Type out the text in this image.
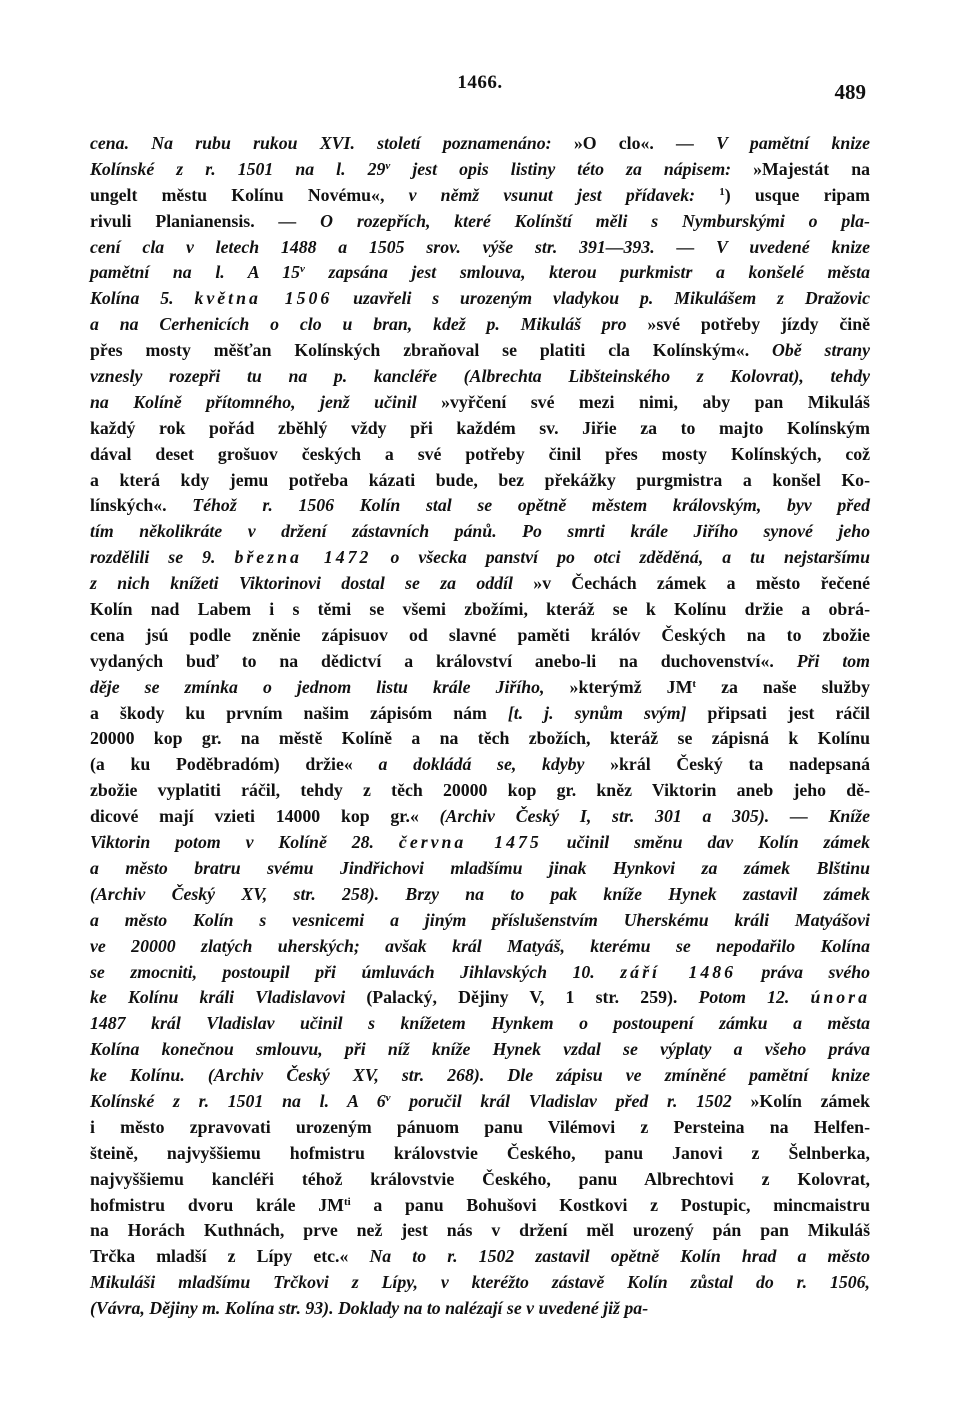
1466.	489
cena. Na rubu rukou XVI. století poznamenáno: »O clo«. — V pamětní knize
Kolínské z r. 1501 na l. 29$^v$ jest opis listiny této za nápisem: »Majestát na
ungelt městu Kolínu Novému«, v němž vsunut jest přídavek: $^1$) usque ripam
rivuli Planianensis. — O rozepřích, které Kolínští měli s Nymburskými o pla-
cení cla v letech 1488 a 1505 srov. výše str. 391—393. — V uvedené knize
pamětní na l. A 15$^v$ zapsána jest smlouva, kterou purkmistr a konšelé města
Kolína 5. května 1506 uzavřeli s urozeným vladykou p. Mikulášem z Dražovic
a na Cerhenicích o clo u bran, kdež p. Mikuláš pro »své potřeby jízdy čině
přes mosty měšťan Kolínských zbraňoval se platiti cla Kolínským«. Obě strany
vznesly rozepři tu na p. kancléře (Albrechta Libšteinského z Kolovrat), tehdy
na Kolíně přítomného, jenž učinil »vyřčení své mezi nimi, aby pan Mikuláš
každý rok pořád zběhlý vždy při každém sv. Jiřie za to majto Kolínským
dával deset grošuov českých a své potřeby činil přes mosty Kolínských, což
a která kdy jemu potřeba kázati bude, bez překážky purgmistra a konšel Ko-
línských«. Téhož r. 1506 Kolín stal se opětně městem královským, byv před
tím několikráte v držení zástavních pánů. Po smrti krále Jiřího synové jeho
rozdělili se 9. března 1472 o všecka panství po otci zděděná, a tu nejstaršímu
z nich knížeti Viktorinovi dostal se za oddíl »v Čechách zámek a město řečené
Kolín nad Labem i s těmi se všemi zbožími, kteráž se k Kolínu držie a obrá-
cena jsú podle zněnie zápisuov od slavné paměti králóv Českých na to zbožie
vydaných buď to na dědictví a království anebo-li na duchovenství«. Při tom
děje se zmínka o jednom listu krále Jiřího, »kterýmž $JM^t$ za naše služby
a škody ku prvním našim zápisóm nám [t. j. synům svým] připsati jest ráčil
20000 kop gr. na městě Kolíně a na těch zbožích, kteráž se zápisná k Kolínu
(a ku Poděbradóm) držie« a dokládá se, kdyby »král Český ta nadepsaná
zbožie vyplatiti ráčil, tehdy z těch 20000 kop gr. kněz Viktorin aneb jeho dě-
dicové mají vzieti 14000 kop gr.« (Archiv Český I, str. 301 a 305). — Kníže
Viktorin potom v Kolíně 28. června 1475 učinil směnu dav Kolín zámek
a město bratru svému Jindřichovi mladšímu jinak Hynkovi za zámek Blštinu
(Archiv Český XV, str. 258). Brzy na to pak kníže Hynek zastavil zámek
a město Kolín s vesnicemi a jiným příslušenstvím Uherskému králi Matyášovi
ve 20000 zlatých uherských; avšak král Matyáš, kterému se nepodařilo Kolína
se zmocniti, postoupil při úmluvách Jihlavských 10. září 1486 práva svého
ke Kolínu králi Vladislavovi (Palacký, Dějiny V, 1 str. 259). Potom 12. února
1487 král Vladislav učinil s knížetem Hynkem o postoupení zámku a města
Kolína konečnou smlouvu, při níž kníže Hynek vzdal se výplaty a všeho práva
ke Kolínu. (Archiv Český XV, str. 268). Dle zápisu ve zmíněné pamětní knize
Kolínské z r. 1501 na l. A 6$^v$ poručil král Vladislav před r. 1502 »Kolín zámek
i město zpravovati urozeným pánuom panu Vilémovi z Persteina na Helfen-
šteině, najvyššiemu hofmistru královstvie Českého, panu Janovi z Šelnberka,
najvyššiemu kancléři téhož královstvie Českého, panu Albrechtovi z Kolovrat,
hofmistru dvoru krále $JM^{ti}$ a panu Bohušovi Kostkovi z Postupic, mincmaistru
na Horách Kuthnách, prve než jest nás v držení měl urozený pán pan Mikuláš
Trčka mladší z Lípy etc.« Na to r. 1502 zastavil opětně Kolín hrad a město
Mikuláši mladšímu Trčkovi z Lípy, v kteréžto zástavě Kolín zůstal do r. 1506,
(Vávra, Dějiny m. Kolína str. 93). Doklady na to nalézají se v uvedené již pa-
